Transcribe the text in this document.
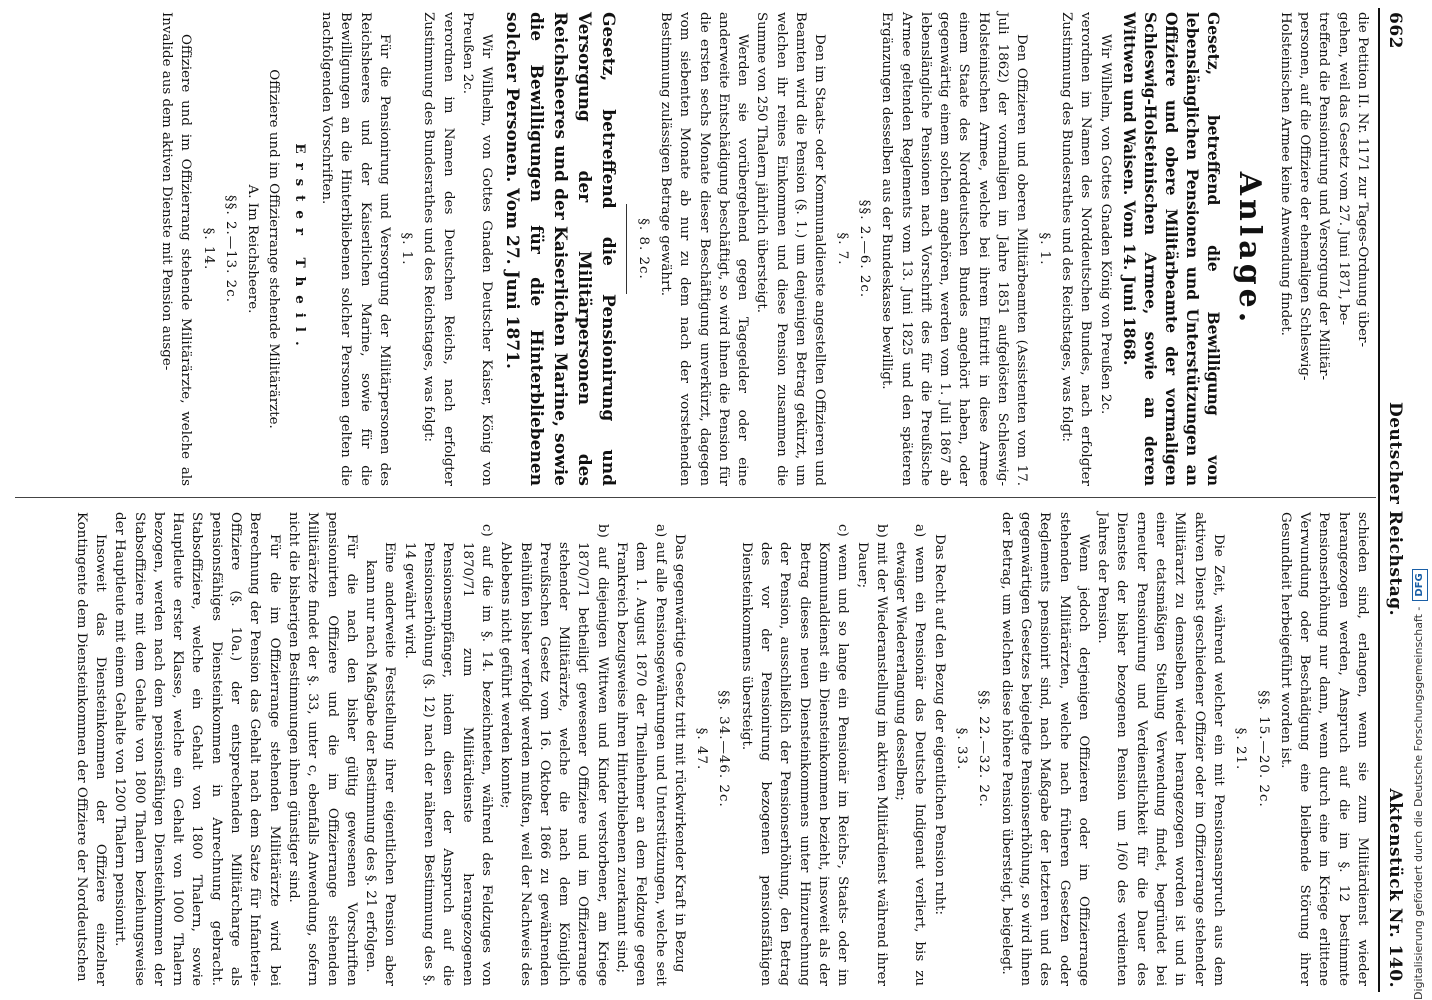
662
Deutscher Reichstag.
Aktenstück Nr. 140.

die Petition II. Nr. 1171 zur Tages-Ordnung über-

gehen, weil das Gesetz vom 27. Juni 1871, be-

treffend die Pensionirung und Versorgung der Militär-

personen, auf die Offiziere der ehemaligen Schleswig-

Holsteinischen Armee keine Anwendung findet.

Anlage.

Gesetz, betreffend die Bewilligung von lebenslänglichen Pensionen und Unterstützungen an Offiziere und obere Militärbeamte der vormaligen Schleswig-Holsteinischen Armee, sowie an deren Wittwen und Waisen. Vom 14. Juni 1868.

Wir Wilhelm, von Gottes Gnaden König von Preußen 2c.

verordnen im Namen des Norddeutschen Bundes, nach erfolgter Zustimmung des Bundesrathes und des Reichstages, was folgt:

§. 1.

Den Offizieren und oberen Militärbeamten (Assistenten vom 17. Juli 1862) der vormaligen im Jahre 1851 aufgelösten Schleswig-Holsteinischen Armee, welche bei ihrem Eintritt in diese Armee einem Staate des Norddeutschen Bundes angehört haben, oder gegenwärtig einem solchen angehören, werden vom 1. Juli 1867 ab lebenslängliche Pensionen nach Vorschrift des für die Preußische Armee geltenden Reglements vom 13. Juni 1825 und den späteren Ergänzungen desselben aus der Bundeskasse bewilligt.

§§. 2.—6. 2c.
§. 7.

Den im Staats- oder Kommunaldienste angestellten Offizieren und Beamten wird die Pension (§. 1.) um denjenigen Betrag gekürzt, um welchen ihr reines Einkommen und diese Pension zusammen die Summe von 250 Thalern jährlich übersteigt.

Werden sie vorübergehend gegen Tagegelder oder eine anderweite Entschädigung beschäftigt, so wird ihnen die Pension für die ersten sechs Monate dieser Beschäftigung unverkürzt, dagegen vom siebenten Monate ab nur zu dem nach der vorstehenden Bestimmung zulässigen Betrage gewährt.

§. 8. 2c.

Gesetz, betreffend die Pensionirung und Versorgung der Militärpersonen des Reichsheeres und der Kaiserlichen Marine, sowie die Bewilligungen für die Hinterbliebenen solcher Personen. Vom 27. Juni 1871.

Wir Wilhelm, von Gottes Gnaden Deutscher Kaiser, König von Preußen 2c.

verordnen im Namen des Deutschen Reichs, nach erfolgter Zustimmung des Bundesrathes und des Reichstages, was folgt:

§. 1.

Für die Pensionirung und Versorgung der Militärpersonen des Reichsheeres und der Kaiserlichen Marine, sowie für die Bewilligungen an die Hinterbliebenen solcher Personen gelten die nachfolgenden Vorschriften.

Erster Theil.
Offiziere und im Offizierrange stehende Militärärzte.
A. Im Reichsheere.
§§. 2.—13. 2c.
§. 14.

Offiziere und im Offizierrang stehende Militärärzte, welche als Invalide aus dem aktiven Dienste mit Pension ausge-

schieden sind, erlangen, wenn sie zum Militärdienst wieder herangezogen werden, Anspruch auf die im §. 12 bestimmte Pensionserhöhung nur dann, wenn durch eine im Kriege erlittene Verwundung oder Beschädigung eine bleibende Störung ihrer Gesundheit herbeigeführt worden ist.

§§. 15.—20. 2c.
§. 21.

Die Zeit, während welcher ein mit Pensionsanspruch aus dem aktiven Dienst geschiedener Offizier oder im Offizierrange stehender Militärarzt zu demselben wieder herangezogen worden ist und in einer etatsmäßigen Stellung Verwendung findet, begründet bei erneuter Pensionirung und Verdienstlichkeit für die Dauer des Dienstes der bisher bezogenen Pension um 1/60 des verdienten Jahres der Pension.

Wenn jedoch derjenigen Offizieren oder im Offizierrange stehenden Militärärzten, welche nach früheren Gesetzen oder Reglements pensionirt sind, nach Maßgabe der letzteren und des gegenwärtigen Gesetzes beigelegte Pensionserhöhung, so wird ihnen der Betrag, um welchen diese höhere Pension übersteigt, beigelegt.

§§. 22.—32. 2c.
§. 33.

Das Recht auf den Bezug der eigentlichen Pension ruht:

a) wenn ein Pensionär das Deutsche Indigenat verliert, bis zu etwaiger Wiedererlangung desselben;

b) mit der Wiederanstellung im aktiven Militärdienst während ihrer Dauer;

c) wenn und so lange ein Pensionär im Reichs-, Staats- oder im Kommunaldienst ein Diensteinkommen bezieht, insoweit als der Betrag dieses neuen Diensteinkommens unter Hinzurechnung der Pension, ausschließlich der Pensionserhöhung, den Betrag des vor der Pensionirung bezogenen pensionsfähigen Diensteinkommens übersteigt.

§§. 34.—46. 2c.
§. 47.

Das gegenwärtige Gesetz tritt mit rückwirkender Kraft in Bezug

a) auf alle Pensionsgewährungen und Unterstützungen, welche seit dem 1. August 1870 der Theilnehmer an dem Feldzuge gegen Frankreich bezugsweise ihren Hinterbliebenen zuerkannt sind;

b) auf diejenigen Wittwen und Kinder verstorbener, am Kriege 1870/71 betheiligt gewesener Offiziere und im Offizierrange stehender Militärärzte, welche die nach dem Königlich Preußischen Gesetz vom 16. Oktober 1866 zu gewährenden Beihülfen bisher verfolgt werden mußten, weil der Nachweis des Ablebens nicht geführt werden konnte;

c) auf die im §. 14. bezeichneten, während des Feldzuges von 1870/71 zum Militärdienste herangezogenen Pensionsempfänger, indem diesen der Anspruch auf die Pensionserhöhung (§. 12) nach der näheren Bestimmung des §. 14 gewährt wird.

Eine anderweite Feststellung ihrer eigentlichen Pension aber kann nur nach Maßgabe der Bestimmung des §. 21 erfolgen.

Für die nach den bisher gültig gewesenen Vorschriften pensionirten Offiziere und die im Offizierrange stehenden Militärärzte findet der §. 33, unter c, ebenfalls Anwendung, sofern nicht die bisherigen Bestimmungen ihnen günstiger sind.

Für die im Offizierrange stehenden Militärärzte wird bei Berechnung der Pension das Gehalt nach dem Satze für Infanterie-Offiziere (§. 10a.) der entsprechenden Militärcharge als pensionsfähiges Diensteinkommen in Anrechnung gebracht. Stabsoffiziere, welche ein Gehalt von 1800 Thalern, sowie Hauptleute erster Klasse, welche ein Gehalt von 1000 Thalern bezogen, werden nach dem pensionsfähigen Diensteinkommen der Stabsoffiziere mit dem Gehalte von 1800 Thalern beziehungsweise der Hauptleute mit einem Gehalte von 1200 Thalern pensionirt.

Insoweit das Diensteinkommen der Offiziere einzelner Kontingente dem Diensteinkommen der Offiziere der Norddeutschen	Digitalisierung gefördert durch die Deutsche Forschungsgemeinschaft -DFG
